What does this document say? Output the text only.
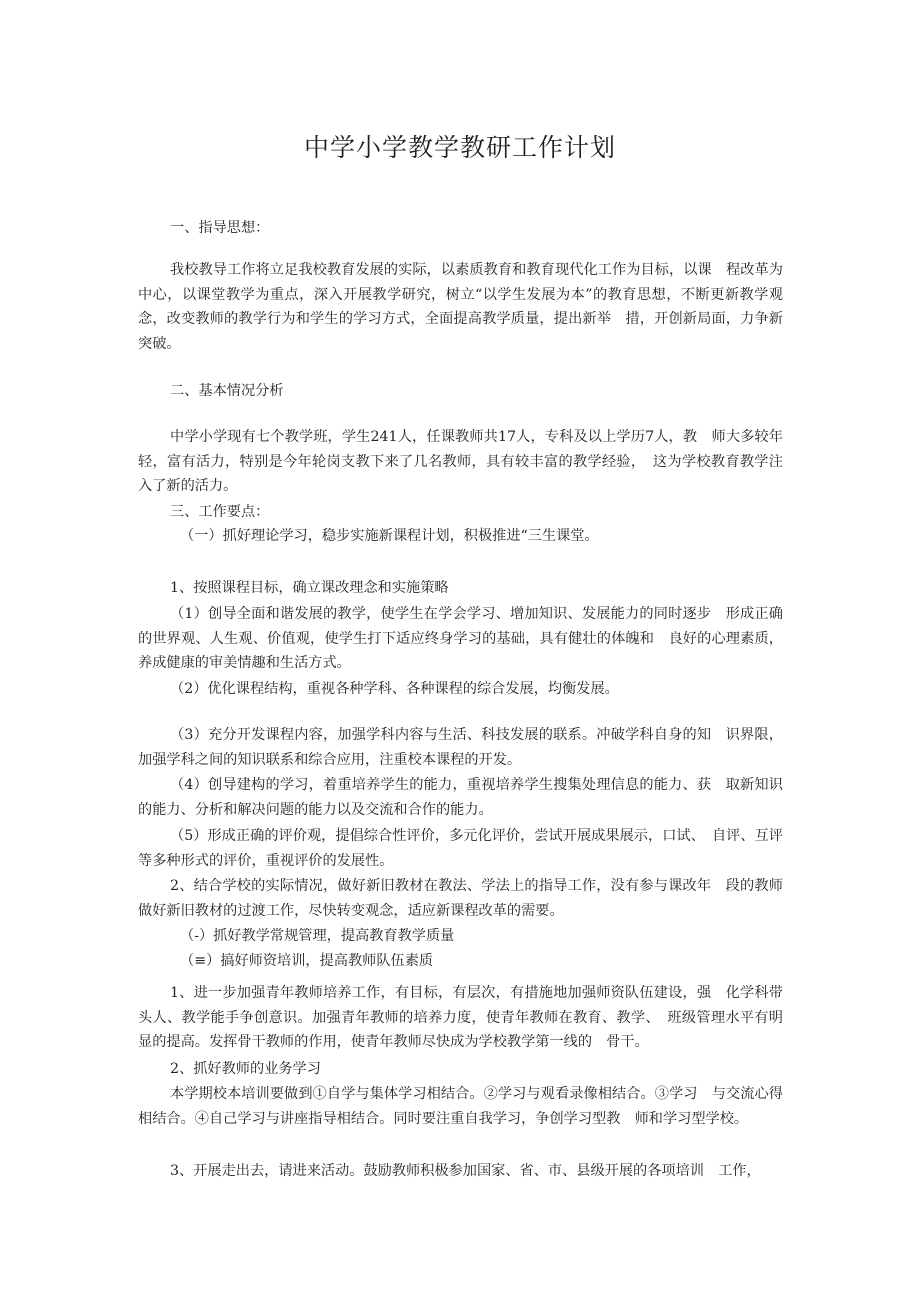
中学小学教学教研工作计划
一、指导思想：
我校教导工作将立足我校教育发展的实际，以素质教育和教育现代化工作为目标，以课　程改革为中心，以课堂教学为重点，深入开展教学研究，树立“以学生发展为本”的教育思想，不断更新教学观念，改变教师的教学行为和学生的学习方式，全面提高教学质量，提出新举　措，开创新局面，力争新突破。
二、基本情况分析
中学小学现有七个教学班，学生241人，任课教师共17人，专科及以上学历7人，教　师大多较年轻，富有活力，特别是今年轮岗支教下来了几名教师，具有较丰富的教学经验，　这为学校教育教学注入了新的活力。
三、工作要点：
（一）抓好理论学习，稳步实施新课程计划，积极推进“三生课堂。
1、按照课程目标，确立课改理念和实施策略
（1）创导全面和谐发展的教学，使学生在学会学习、增加知识、发展能力的同时逐步　形成正确的世界观、人生观、价值观，使学生打下适应终身学习的基础，具有健壮的体魄和　良好的心理素质，养成健康的审美情趣和生活方式。
（2）优化课程结构，重视各种学科、各种课程的综合发展，均衡发展。
（3）充分开发课程内容，加强学科内容与生活、科技发展的联系。冲破学科自身的知　识界限，加强学科之间的知识联系和综合应用，注重校本课程的开发。
（4）创导建构的学习，着重培养学生的能力，重视培养学生搜集处理信息的能力、获　取新知识的能力、分析和解决问题的能力以及交流和合作的能力。
（5）形成正确的评价观，提倡综合性评价，多元化评价，尝试开展成果展示，口试、　自评、互评等多种形式的评价，重视评价的发展性。
2、结合学校的实际情况，做好新旧教材在教法、学法上的指导工作，没有参与课改年　段的教师做好新旧教材的过渡工作，尽快转变观念，适应新课程改革的需要。
（-）抓好教学常规管理，提高教育教学质量
（≡）搞好师资培训，提高教师队伍素质
1、进一步加强青年教师培养工作，有目标，有层次，有措施地加强师资队伍建设，强　化学科带头人、教学能手争创意识。加强青年教师的培养力度，使青年教师在教育、教学、　班级管理水平有明显的提高。发挥骨干教师的作用，使青年教师尽快成为学校教学第一线的　骨干。
2、抓好教师的业务学习
本学期校本培训要做到①自学与集体学习相结合。②学习与观看录像相结合。③学习　与交流心得相结合。④自己学习与讲座指导相结合。同时要注重自我学习，争创学习型教　师和学习型学校。
3、开展走出去，请进来活动。鼓励教师积极参加国家、省、市、县级开展的各项培训　工作，
